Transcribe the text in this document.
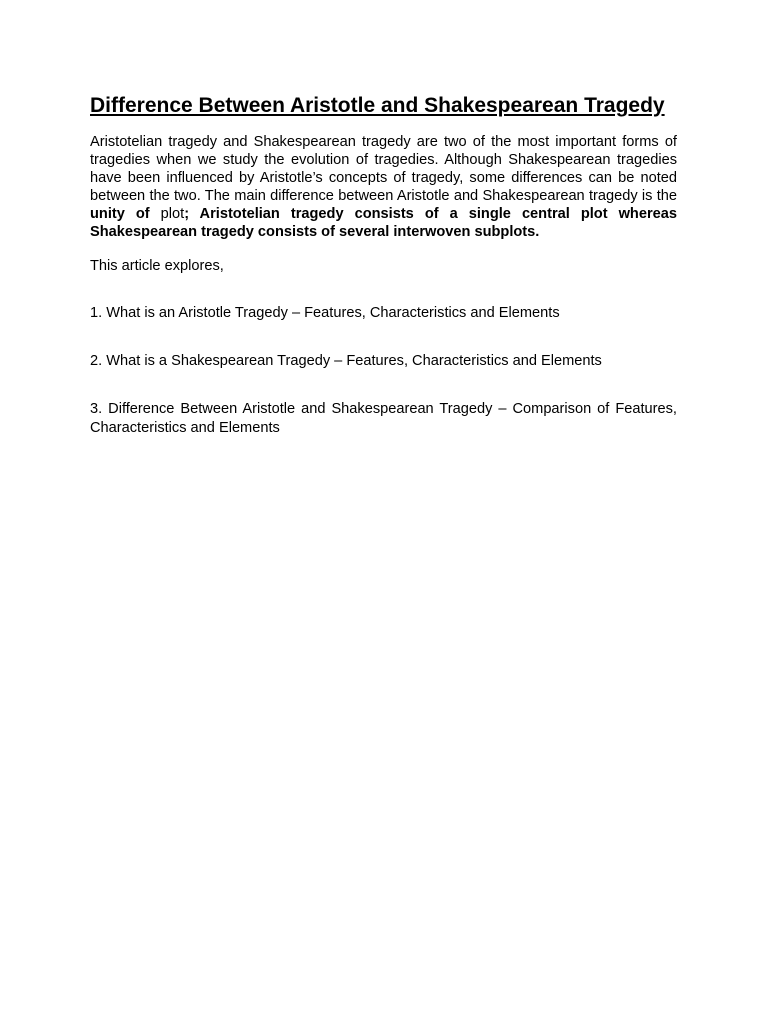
Difference Between Aristotle and Shakespearean Tragedy

Aristotelian tragedy and Shakespearean tragedy are two of the most important forms of tragedies when we study the evolution of tragedies. Although Shakespearean tragedies have been influenced by Aristotle’s concepts of tragedy, some differences can be noted between the two. The main difference between Aristotle and Shakespearean tragedy is the unity of plot; Aristotelian tragedy consists of a single central plot whereas Shakespearean tragedy consists of several interwoven subplots.

This article explores,

1. What is an Aristotle Tragedy – Features, Characteristics and Elements
2. What is a Shakespearean Tragedy – Features, Characteristics and Elements
3. Difference Between Aristotle and Shakespearean Tragedy – Comparison of Features, Characteristics and Elements
